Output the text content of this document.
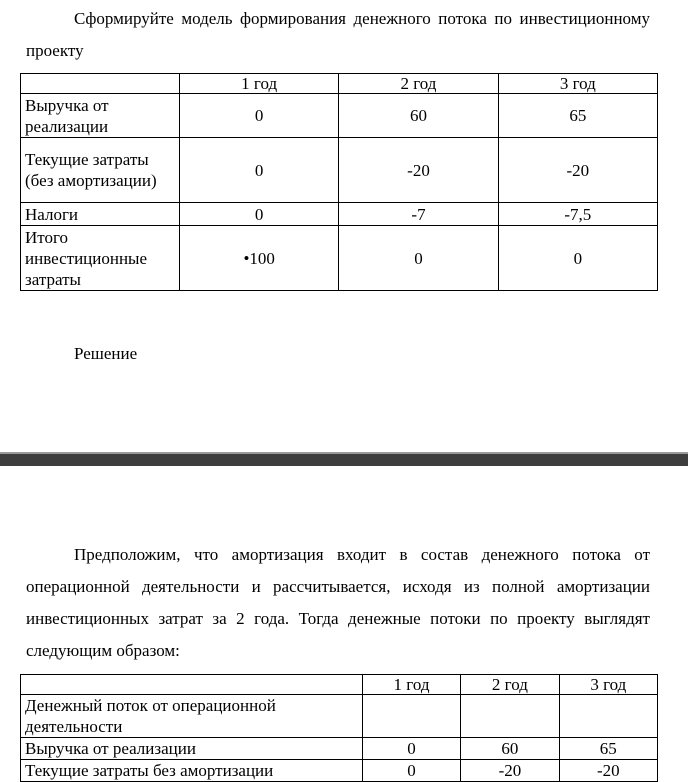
Сформируйте модель формирования денежного потока по инвестиционному проекту

	1 год	2 год	3 год
Выручка от реализации	0	60	65
Текущие затраты (без амортизации)	0	-20	-20
Налоги	0	-7	-7,5
Итого инвестиционные затраты	•100	0	0

Решение

Предположим, что амортизация входит в состав денежного потока от операционной деятельности и рассчитывается, исходя из полной амортизации инвестиционных затрат за 2 года. Тогда денежные потоки по проекту выглядят следующим образом:

	1 год	2 год	3 год
Денежный поток от операционной деятельности			
Выручка от реализации	0	60	65
Текущие затраты без амортизации	0	-20	-20
